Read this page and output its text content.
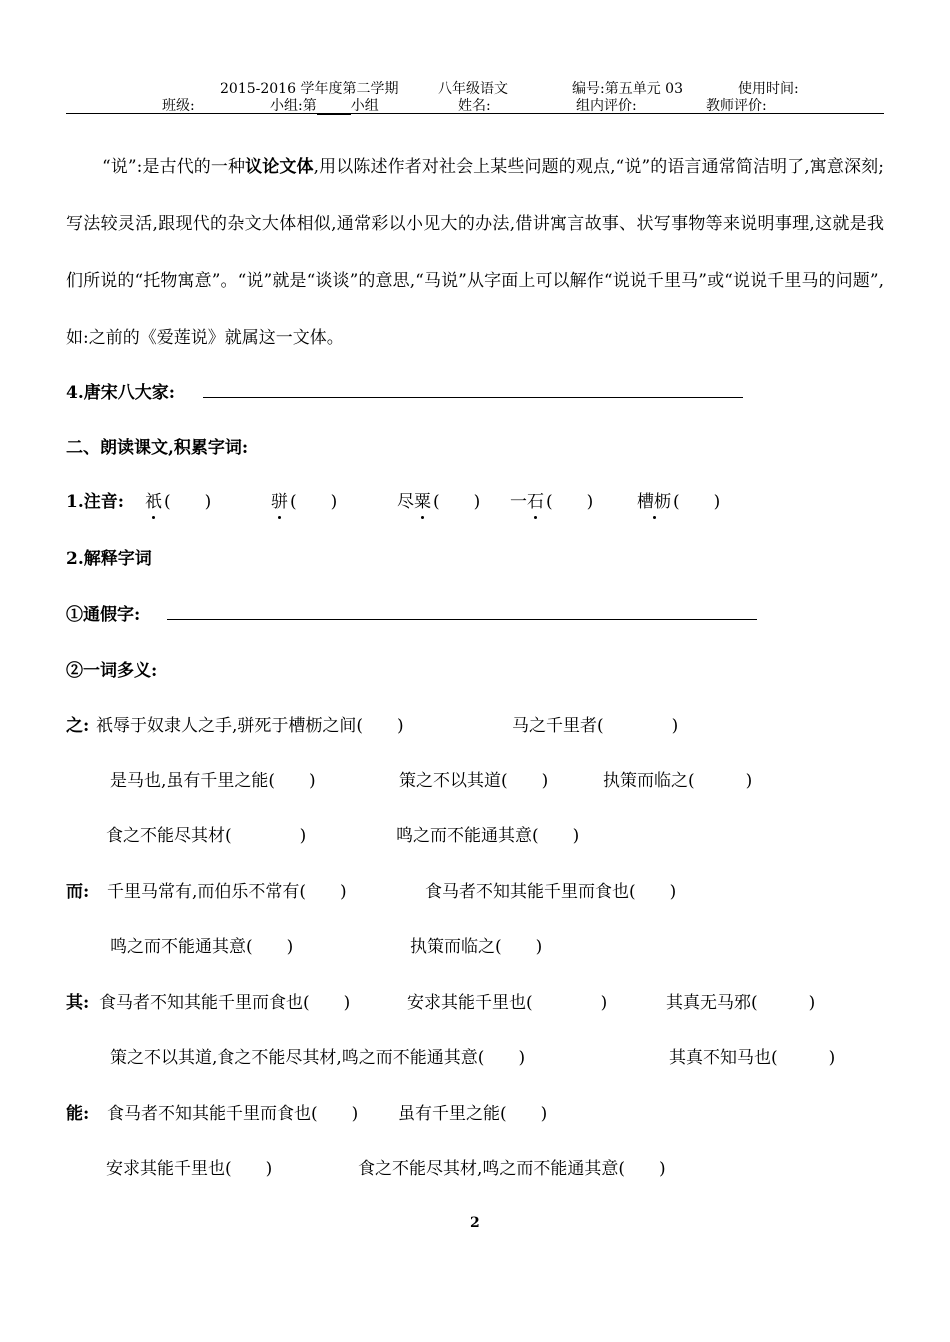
2015-2016 学年度第二学期	八年级语文	编号:第五单元 03	使用时间:
班级:	小组:第 小组	姓名:	组内评价:	教师评价:
“说”:是古代的一种议论文体,用以陈述作者对社会上某些问题的观点,“说”的语言通常简洁明了,寓意深刻;写法较灵活,跟现代的杂文大体相似,通常彩以小见大的办法,借讲寓言故事、状写事物等来说明事理,这就是我们所说的“托物寓意”。“说”就是“谈谈”的意思,“马说”从字面上可以解作“说说千里马”或“说说千里马的问题”,如:之前的《爱莲说》就属这一文体。
4.唐宋八大家:
二、朗读课文,积累字词:
1.注音: 祇 (　　)	骈 (　　)	尽粟 (　　) 一石 (　　)	槽枥 (　　)
2.解释字词
①通假字:
②一词多义:
之: 祇辱于奴隶人之手,骈死于槽枥之间(　　)	马之千里者(　　　　)
是马也,虽有千里之能(　　)	策之不以其道(　　)	执策而临之(　　　)
食之不能尽其材(　　　　)	鸣之而不能通其意(　　)
而: 千里马常有,而伯乐不常有(　　)	食马者不知其能千里而食也(　　)
鸣之而不能通其意(　　)	执策而临之(　　)
其: 食马者不知其能千里而食也(　　)	安求其能千里也(　　　　)	其真无马邪(　　　)
策之不以其道,食之不能尽其材,鸣之而不能通其意(　　)	其真不知马也(　　　)
能: 食马者不知其能千里而食也(　　) 虽有千里之能(　　)
安求其能千里也(　　)	食之不能尽其材,鸣之而不能通其意(　　)
2
